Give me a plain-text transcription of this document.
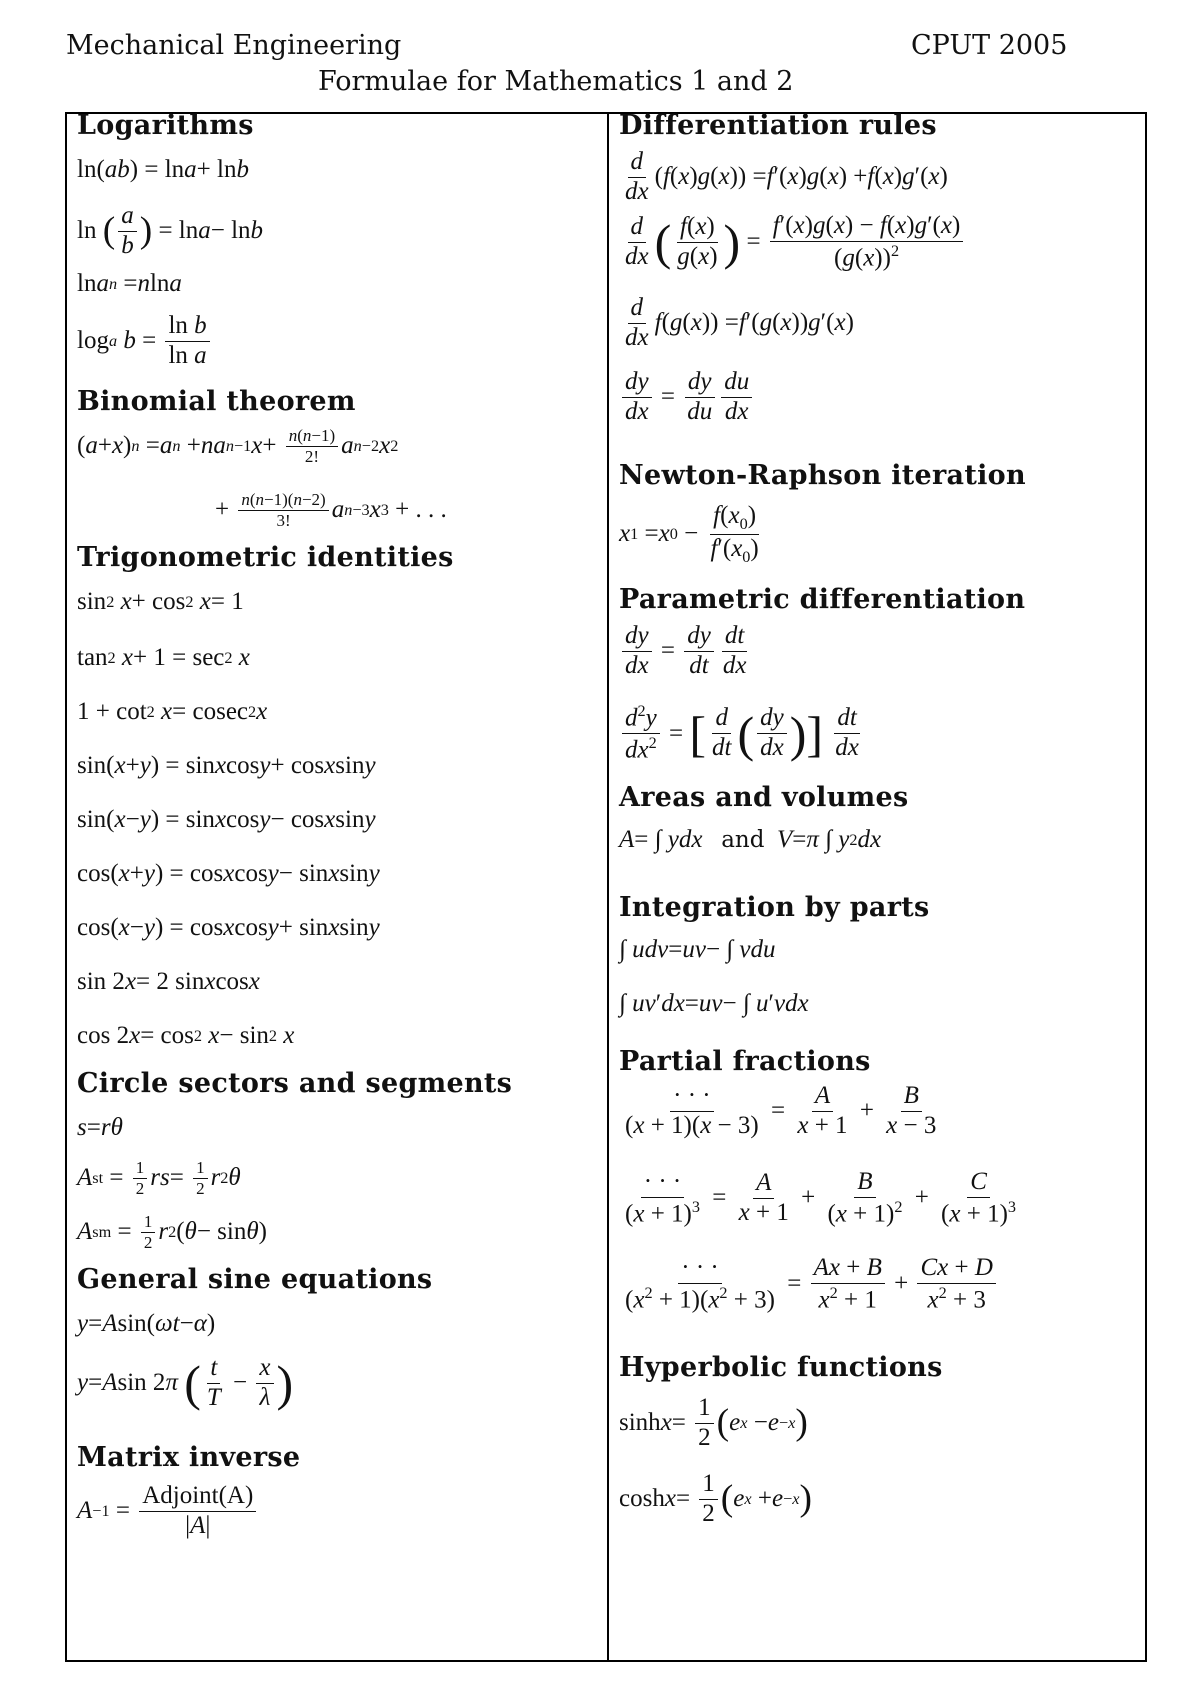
Mechanical Engineering	CPUT 2005
Formulae for Mathematics 1 and 2
Logarithms
ln( ab ) = ln a + ln b
ln ( $\frac{a}{b}$ ) = ln a − ln b
ln a n = n ln a
log a
$b = \frac{\text{ln b}}{\text{ln a}}$
Binomial theorem
( a + x ) n = a n + na n−1 $x + \frac{n(n-1)}{2!}$ a n−2 x 2
+ $\frac{n(n-1)(n-2)}{3!}$ a n−3 x 3 + . . .
Trigonometric identities
sin 2
x + cos 2
x = 1
tan 2
x + 1 = sec 2
x
1 + cot 2
x = cosec 2 x
sin( x + y ) = sin x cos y + cos x sin y
sin( x − y ) = sin x cos y − cos x sin y
cos( x + y ) = cos x cos y − sin x sin y
cos( x − y ) = cos x cos y + sin x sin y
sin 2 x = 2 sin x cos x
cos 2 x = cos 2
x − sin 2
x
Circle sectors and segments
s = rθ
A st = $\frac{1}{2}$ rs = $\frac{1}{2}$ r 2 θ
A sm = $\frac{1}{2}$ r 2 ( θ − sin θ )
General sine equations
y = A sin( ωt − α )
y = A sin 2 π
( $\frac{t}{T} - \frac{x}{\lambda}$ )
Matrix inverse
$A -1 = \frac{\text{Adjoint(A)}}{|A|}$
Differentiation rules
$\frac{d}{dx}$ ( f ( x ) g ( x )) = f ′( x ) g ( x ) + f ( x ) g ′( x )
$\frac{d}{dx}$ ( $\frac{f(x)}{g(x)}$ ) = $\frac{f'(x)g(x) - f(x)g'(x)}{(g(x))^2}$
$\frac{d}{dx}$ f ( g ( x )) = f ′( g ( x )) g ′( x )
$\frac{dy}{dx} = \frac{dy}{du} \frac{du}{dx}$
Newton-Raphson iteration
x 1 = x $0 - \frac{f(x_0)}{f'(x_0)}$
Parametric differentiation
$\frac{dy}{dx} = \frac{dy}{dt} \frac{dt}{dx}$
$\frac{d^2y}{dx^2}$ = [ $\frac{d}{dt}$ ( $\frac{dy}{dx}$ ) ]
$\frac{dt}{dx}$
Areas and volumes
A = ∫ ydx
and
V = π ∫ y 2 dx
Integration by parts
∫ udv = uv − ∫ vdu
∫ uv ′ dx = uv − ∫ u ′ vdx
Partial fractions
$\frac{\cdot \cdot \cdot}{(x + 1)(x - 3)} = \frac{A}{x + 1} + \frac{B}{x - 3}$
$\frac{\cdot \cdot \cdot}{(x + 1)^3} = \frac{A}{x + 1} + \frac{B}{(x + 1)^2} + \frac{C}{(x + 1)^3}$
$\frac{\cdot \cdot \cdot}{(x^2 + 1)(x^2 + 3)} = \frac{Ax + B}{x^2 + 1} + \frac{Cx + D}{x^2 + 3}$
Hyperbolic functions
$\sinh x = \frac{1}{2}$ ( e x − e −x )
$\cosh x = \frac{1}{2}$ ( e x + e −x )
